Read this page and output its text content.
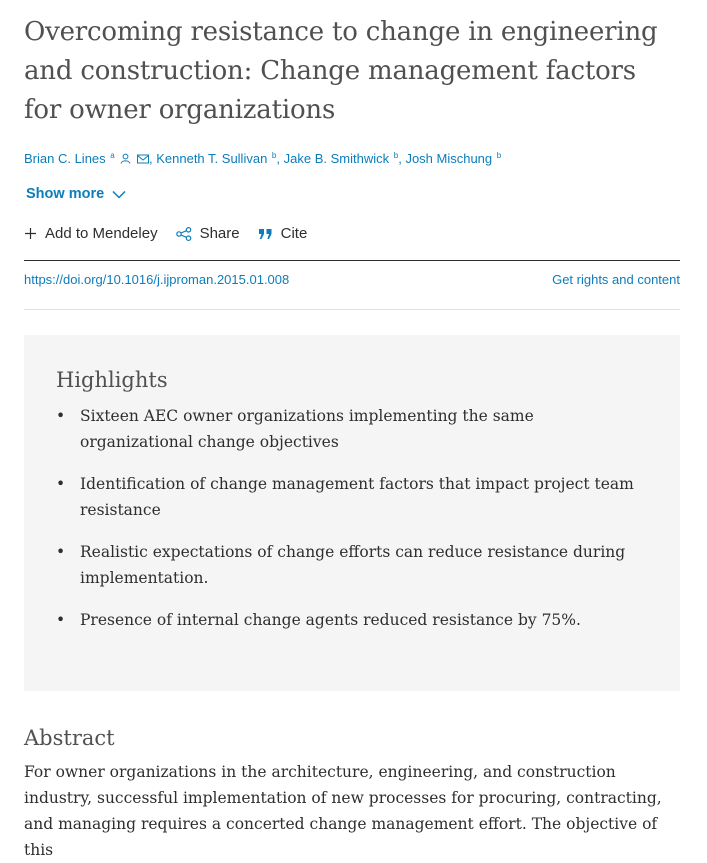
Overcoming resistance to change in engineering and construction: Change management factors for owner organizations
Brian C. Lines $^a$	, Kenneth T. Sullivan $^b$, Jake B. Smithwick $^b$, Josh Mischung $^b$
Show more
Add to Mendeley	Share	Cite
https://doi.org/10.1016/j.ijproman.2015.01.008	Get rights and content
Highlights
• Sixteen AEC owner organizations implementing the same organizational change objectives
• Identification of change management factors that impact project team resistance
• Realistic expectations of change efforts can reduce resistance during implementation.
• Presence of internal change agents reduced resistance by 75%.
Abstract

For owner organizations in the architecture, engineering, and construction industry, successful implementation of new processes for procuring, contracting, and managing requires a concerted change management effort. The objective of this
